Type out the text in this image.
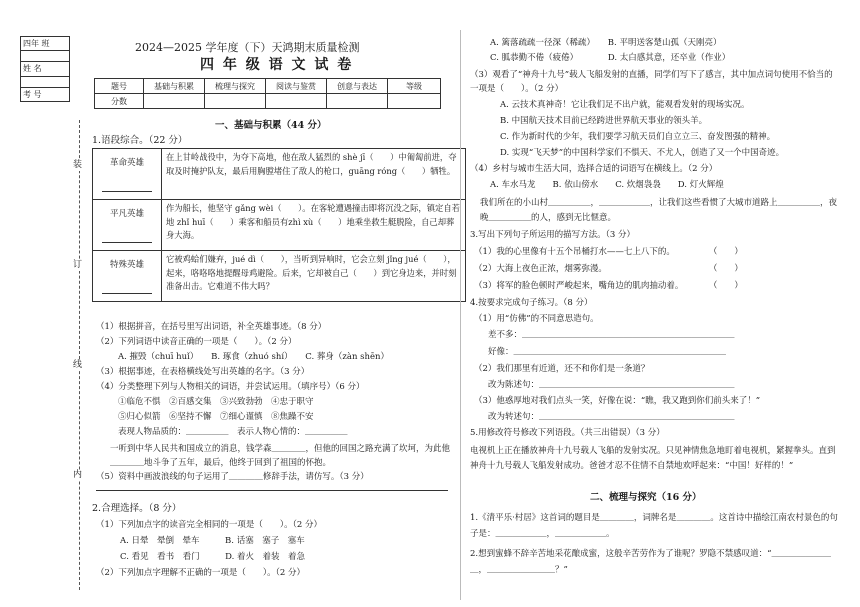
四年 班

姓 名

考 号
装
订
线
内
2024—2025 学年度（下）天鸿期末质量检测
四 年 级 语 文 试 卷
题号	基础与积累	梳理与探究	阅读与鉴赏	创意与表达	等级
分数					
一、基础与积累（44 分）
1.语段综合。（22 分）
革命英雄	在上甘岭战役中，为夺下高地，他在敌人猛烈的 shè jī（　　）中匍匐前进，夺取及时掩护队友，最后用胸膛堵住了敌人的枪口，guāng róng（　　）牺牲。

平凡英雄	作为船长，他坚守 gǎng wèi（　　）。在客轮遭遇撞击即将沉没之际，镇定自若地 zhǐ huī（　　）乘客和船员有zhì xù（　　）地乘坐救生艇脱险，自己却葬身大海。

特殊英雄	它被鸡蛤们嫌弃，jué dì（　　），当听到异响时，它会立刻 jǐng jué（　　），起来，咯咯咯地提醒母鸡避险。后来，它却被自己（　　）到它身边来，并时刻准备出击。它难道不伟大吗？
（1）根据拼音，在括号里写出词语，补全英雄事迹。（8 分）
（2）下列词语中读音正确的一项是（　　）。（2 分）
A. 摧毁（chuī huǐ）　　B. 琢食（zhuó shí）　　C. 葬身（zàn shēn）
（3）根据事迹，在表格横线处写出英雄的名字。（3 分）
（4）分类整理下列与人物相关的词语，并尝试运用。（填序号）（6 分）
①临危不惧　②百感交集　③兴致勃勃　④忠于职守
⑤归心似箭　⑥坚持不懈　⑦细心谨慎　⑧焦躁不安
表现人物品质的：＿＿＿＿＿　表示人物心情的：＿＿＿＿＿
一听到中华人民共和国成立的消息，钱学森＿＿＿＿，但他的回国之路充满了坎坷，为此他＿＿＿＿地斗争了五年，最后，他终于回到了祖国的怀抱。
（5）资料中画波浪线的句子运用了＿＿＿＿修辞手法，请仿写。（3 分）
2.合理选择。（8 分）
（1）下列加点字的读音完全相同的一项是（　　）。（2 分）
A. 日晕　晕倒　晕车　　　B. 话塞　塞子　塞车
C. 看见　看书　看门　　　D. 着火　着装　着急
（2）下列加点字理解不正确的一项是（　　）。（2 分）
A. 篱落疏疏一径深（稀疏）　　B. 平明送客楚山孤（天刚亮）
C. 胍恭勤不倦（疲倦）　　　　D. 太白感其意，还卒业（作业）
（3）观看了“神舟十九号”载人飞船发射的直播，同学们写下了感言，其中加点词句使用不恰当的一项是（　　）。（2 分）
A. 云技术真神奇！它让我们足不出户就，能观看发射的现场实况。
B. 中国航天技术目前已经跨进世界航天事业的领头羊。
C. 作为新时代的少年，我们要学习航天员们自立立三、奋发图强的精神。
D. 实现“飞天梦”的中国科学家们不惧天、不尤人，创造了又一个中国奇迹。
（4）乡村与城市生活大同，选择合适的词语写在横线上。（2 分）
A. 车水马龙　　B. 依山傍水　　C. 炊烟袅袅　　D. 灯火辉煌
我们所在的小山村＿＿＿＿＿，＿＿＿＿＿＿，让我们这些看惯了大城市道路上＿＿＿＿＿，夜晚＿＿＿＿＿的人，感到无比惬意。
3.写出下列句子所运用的描写方法。（3 分）
（1）我的心里像有十五个吊桶打水——七上八下的。　　　　　（　　）
（2）大海上夜色正浓，烟雾弥漫。　　　　　　　　　　　　　（　　）
（3）将军的脸色顿时严峻起来，嘴角边的肌肉抽动着。　　　　（　　）
4.按要求完成句子练习。（8 分）
（1）用“仿佛”的不同意思造句。
差不多：＿＿＿＿＿＿＿＿＿＿＿＿＿＿＿＿＿＿＿＿＿＿＿＿＿
好像：＿＿＿＿＿＿＿＿＿＿＿＿＿＿＿＿＿＿＿＿＿＿＿＿＿
（2）我们那里有近道，还不和你们是一条道？
改为陈述句：＿＿＿＿＿＿＿＿＿＿＿＿＿＿＿＿＿＿＿＿＿＿＿
（3）他惑厚地对我们点头一笑，好像在说：“瞧，我又跑到你们前头来了！”
改为转述句：＿＿＿＿＿＿＿＿＿＿＿＿＿＿＿＿＿＿＿＿＿＿＿
5.用修改符号修改下列语段。（共三出错误）（3 分）
电视机上正在播放神舟十九号载人飞船的发射实况。只见神情焦急地盯着电视机，紧握拳头。直到神舟十九号载人飞船发射成功。爸爸才忍不住情不自禁地欢呼起来：“中国！好样的！”
二、梳理与探究（16 分）
1.《清平乐·村居》这首词的题目是＿＿＿＿，词牌名是＿＿＿＿。这首诗中描绘江南农村景色的句子是：＿＿＿＿＿＿，＿＿＿＿＿＿。
2.想到蜜蜂不辞辛苦地采花酿成蜜，这般辛苦劳作为了谁呢？罗隐不禁感叹道：“＿＿＿＿＿＿＿＿，＿＿＿＿＿＿＿＿？”
